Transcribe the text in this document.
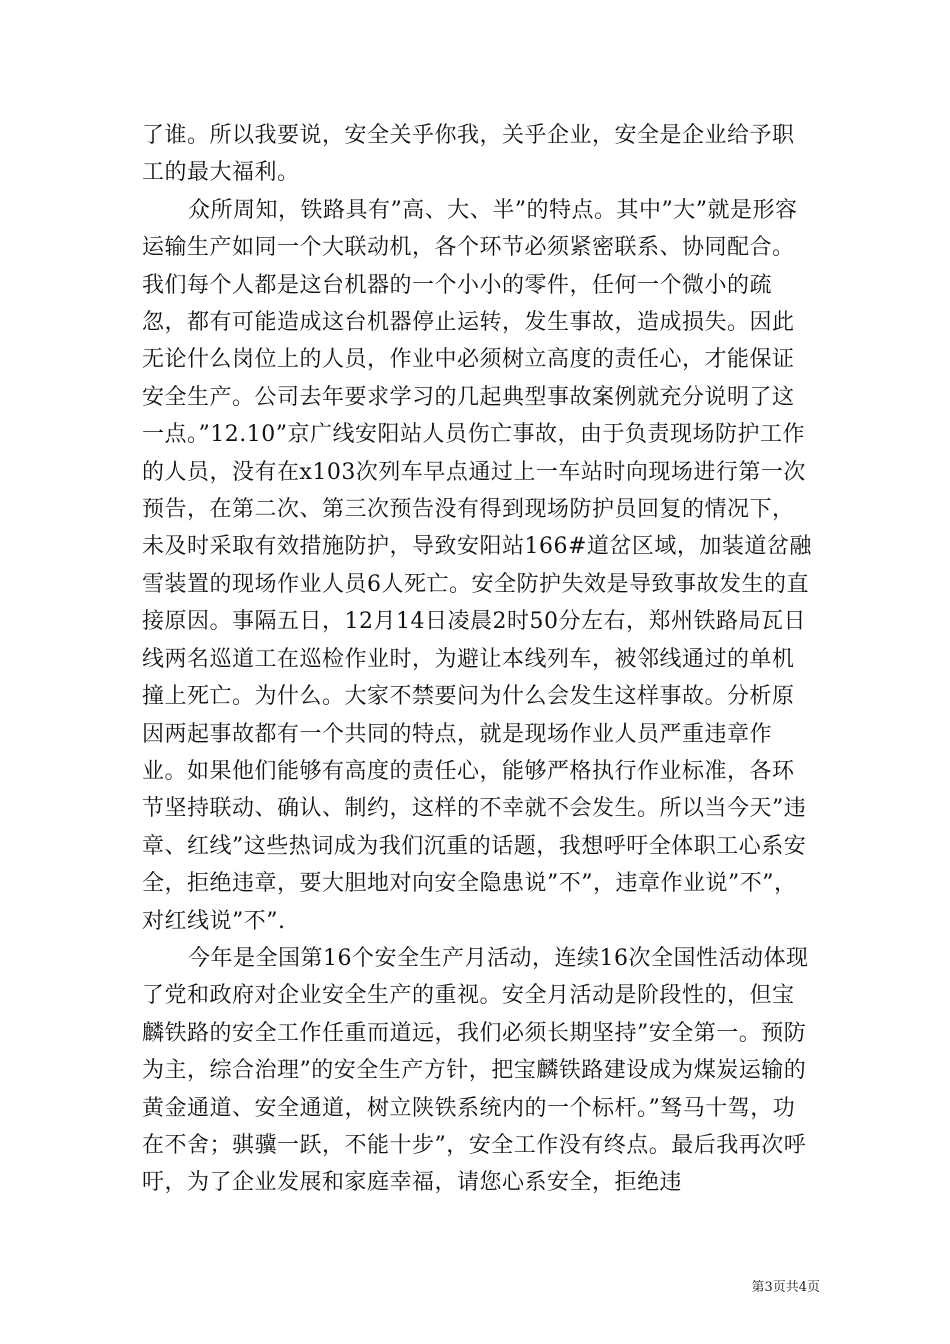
了谁。所以我要说，安全关乎你我，关乎企业，安全是企业给予职工的最大福利。

众所周知，铁路具有”高、大、半”的特点。其中”大”就是形容运输生产如同一个大联动机，各个环节必须紧密联系、协同配合。我们每个人都是这台机器的一个小小的零件，任何一个微小的疏忽，都有可能造成这台机器停止运转，发生事故，造成损失。因此无论什么岗位上的人员，作业中必须树立高度的责任心，才能保证安全生产。公司去年要求学习的几起典型事故案例就充分说明了这一点。”12.10”京广线安阳站人员伤亡事故，由于负责现场防护工作的人员，没有在x103次列车早点通过上一车站时向现场进行第一次预告，在第二次、第三次预告没有得到现场防护员回复的情况下，未及时采取有效措施防护，导致安阳站166#道岔区域，加装道岔融雪装置的现场作业人员6人死亡。安全防护失效是导致事故发生的直接原因。事隔五日，12月14日凌晨2时50分左右，郑州铁路局瓦日线两名巡道工在巡检作业时，为避让本线列车，被邻线通过的单机撞上死亡。为什么。大家不禁要问为什么会发生这样事故。分析原因两起事故都有一个共同的特点，就是现场作业人员严重违章作业。如果他们能够有高度的责任心，能够严格执行作业标准，各环节坚持联动、确认、制约，这样的不幸就不会发生。所以当今天”违章、红线”这些热词成为我们沉重的话题，我想呼吁全体职工心系安全，拒绝违章，要大胆地对向安全隐患说”不”，违章作业说”不”，对红线说”不”.

今年是全国第16个安全生产月活动，连续16次全国性活动体现了党和政府对企业安全生产的重视。安全月活动是阶段性的，但宝麟铁路的安全工作任重而道远，我们必须长期坚持”安全第一。预防为主，综合治理”的安全生产方针，把宝麟铁路建设成为煤炭运输的黄金通道、安全通道，树立陕铁系统内的一个标杆。”驽马十驾，功在不舍；骐骥一跃，不能十步”，安全工作没有终点。最后我再次呼吁，为了企业发展和家庭幸福，请您心系安全，拒绝违

第3页共4页
